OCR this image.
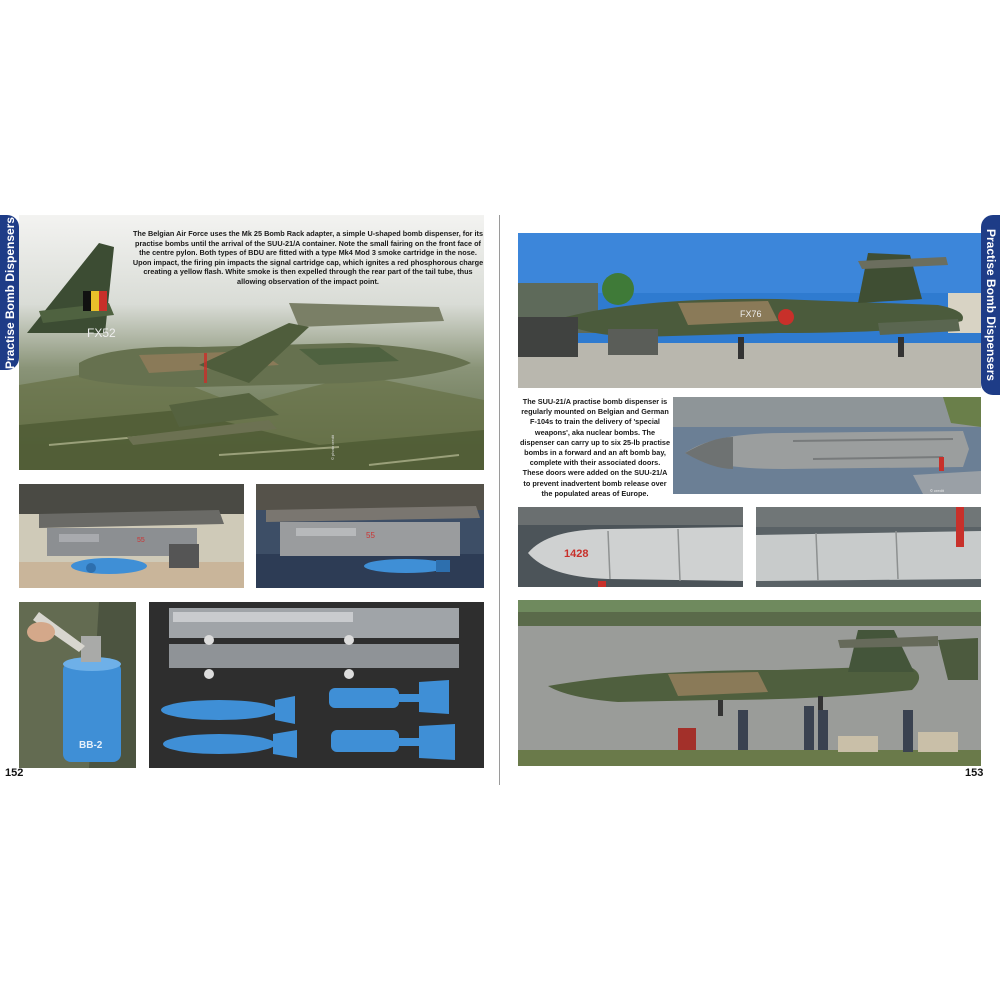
Practise Bomb Dispensers	Practise Bomb Dispensers
FX52
The Belgian Air Force uses the Mk 25 Bomb Rack adapter, a simple U-shaped bomb dispenser, for its practise bombs until the arrival of the SUU-21/A container. Note the small fairing on the front face of the centre pylon. Both types of BDU are fitted with a type Mk4 Mod 3 smoke cartridge in the nose. Upon impact, the firing pin impacts the signal cartridge cap, which ignites a red phosphorous charge creating a yellow flash. White smoke is then expelled through the rear part of the tail tube, thus allowing observation of the impact point.
© photo credit
55
55
BB-2
152
FX76
The SUU-21/A practise bomb dispenser is regularly mounted on Belgian and German F-104s to train the delivery of 'special weapons', aka nuclear bombs. The dispenser can carry up to six 25-lb practise bombs in a forward and an aft bomb bay, complete with their associated doors. These doors were added on the SUU-21/A to prevent inadvertent bomb release over the populated areas of Europe.	© credit
1428
153
